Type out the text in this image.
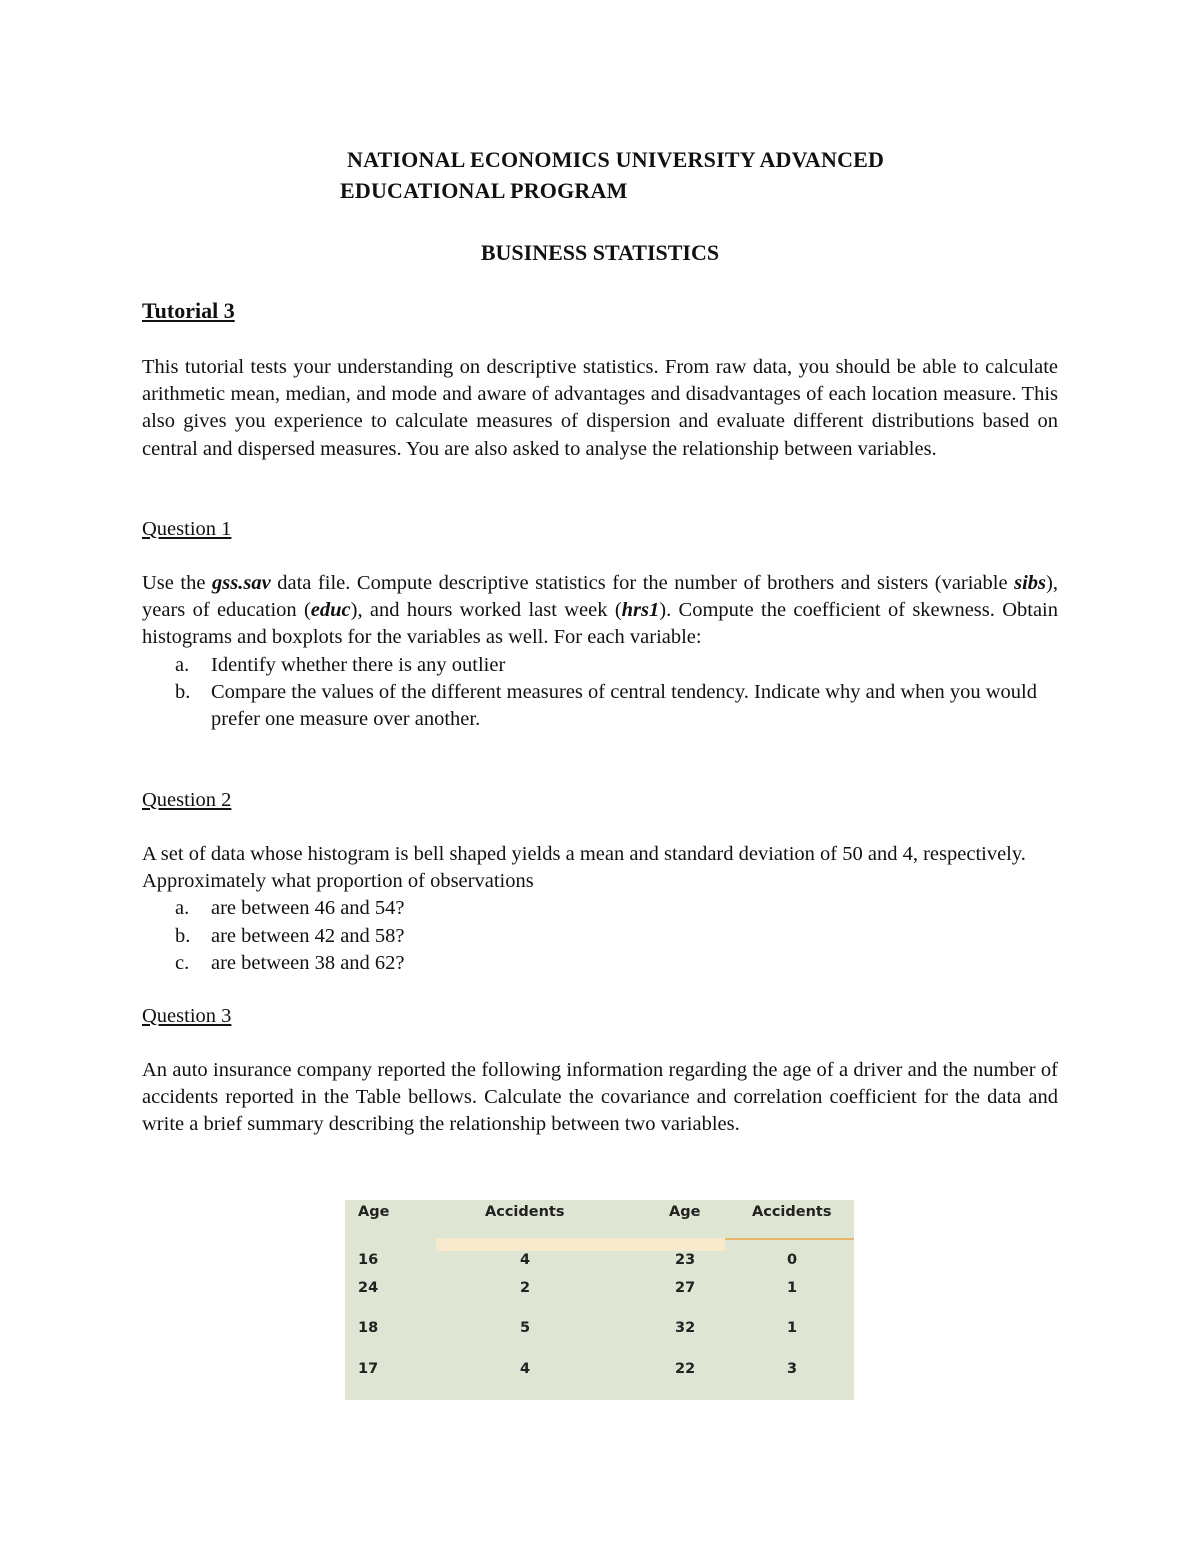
NATIONAL ECONOMICS UNIVERSITY ADVANCED
EDUCATIONAL PROGRAM
BUSINESS STATISTICS
Tutorial 3

This tutorial tests your understanding on descriptive statistics. From raw data, you should be able to calculate arithmetic mean, median, and mode and aware of advantages and disadvantages of each location measure. This also gives you experience to calculate measures of dispersion and evaluate different distributions based on central and dispersed measures. You are also asked to analyse the relationship between variables.

Question 1
Use the gss.sav data file. Compute descriptive statistics for the number of brothers and sisters (variable sibs), years of education (educ), and hours worked last week (hrs1). Compute the coefficient of skewness. Obtain histograms and boxplots for the variables as well. For each variable:
a. Identify whether there is any outlier
b. Compare the values of the different measures of central tendency. Indicate why and when you would prefer one measure over another.
Question 2
A set of data whose histogram is bell shaped yields a mean and standard deviation of 50 and 4, respectively. Approximately what proportion of observations
a. are between 46 and 54?
b. are between 42 and 58?
c. are between 38 and 62?
Question 3

An auto insurance company reported the following information regarding the age of a driver and the number of accidents reported in the Table bellows. Calculate the covariance and correlation coefficient for the data and write a brief summary describing the relationship between two variables.

Age	Accidents	Age	Accidents
16	4	23	0
24	2	27	1
18	5	32	1
17	4	22	3
